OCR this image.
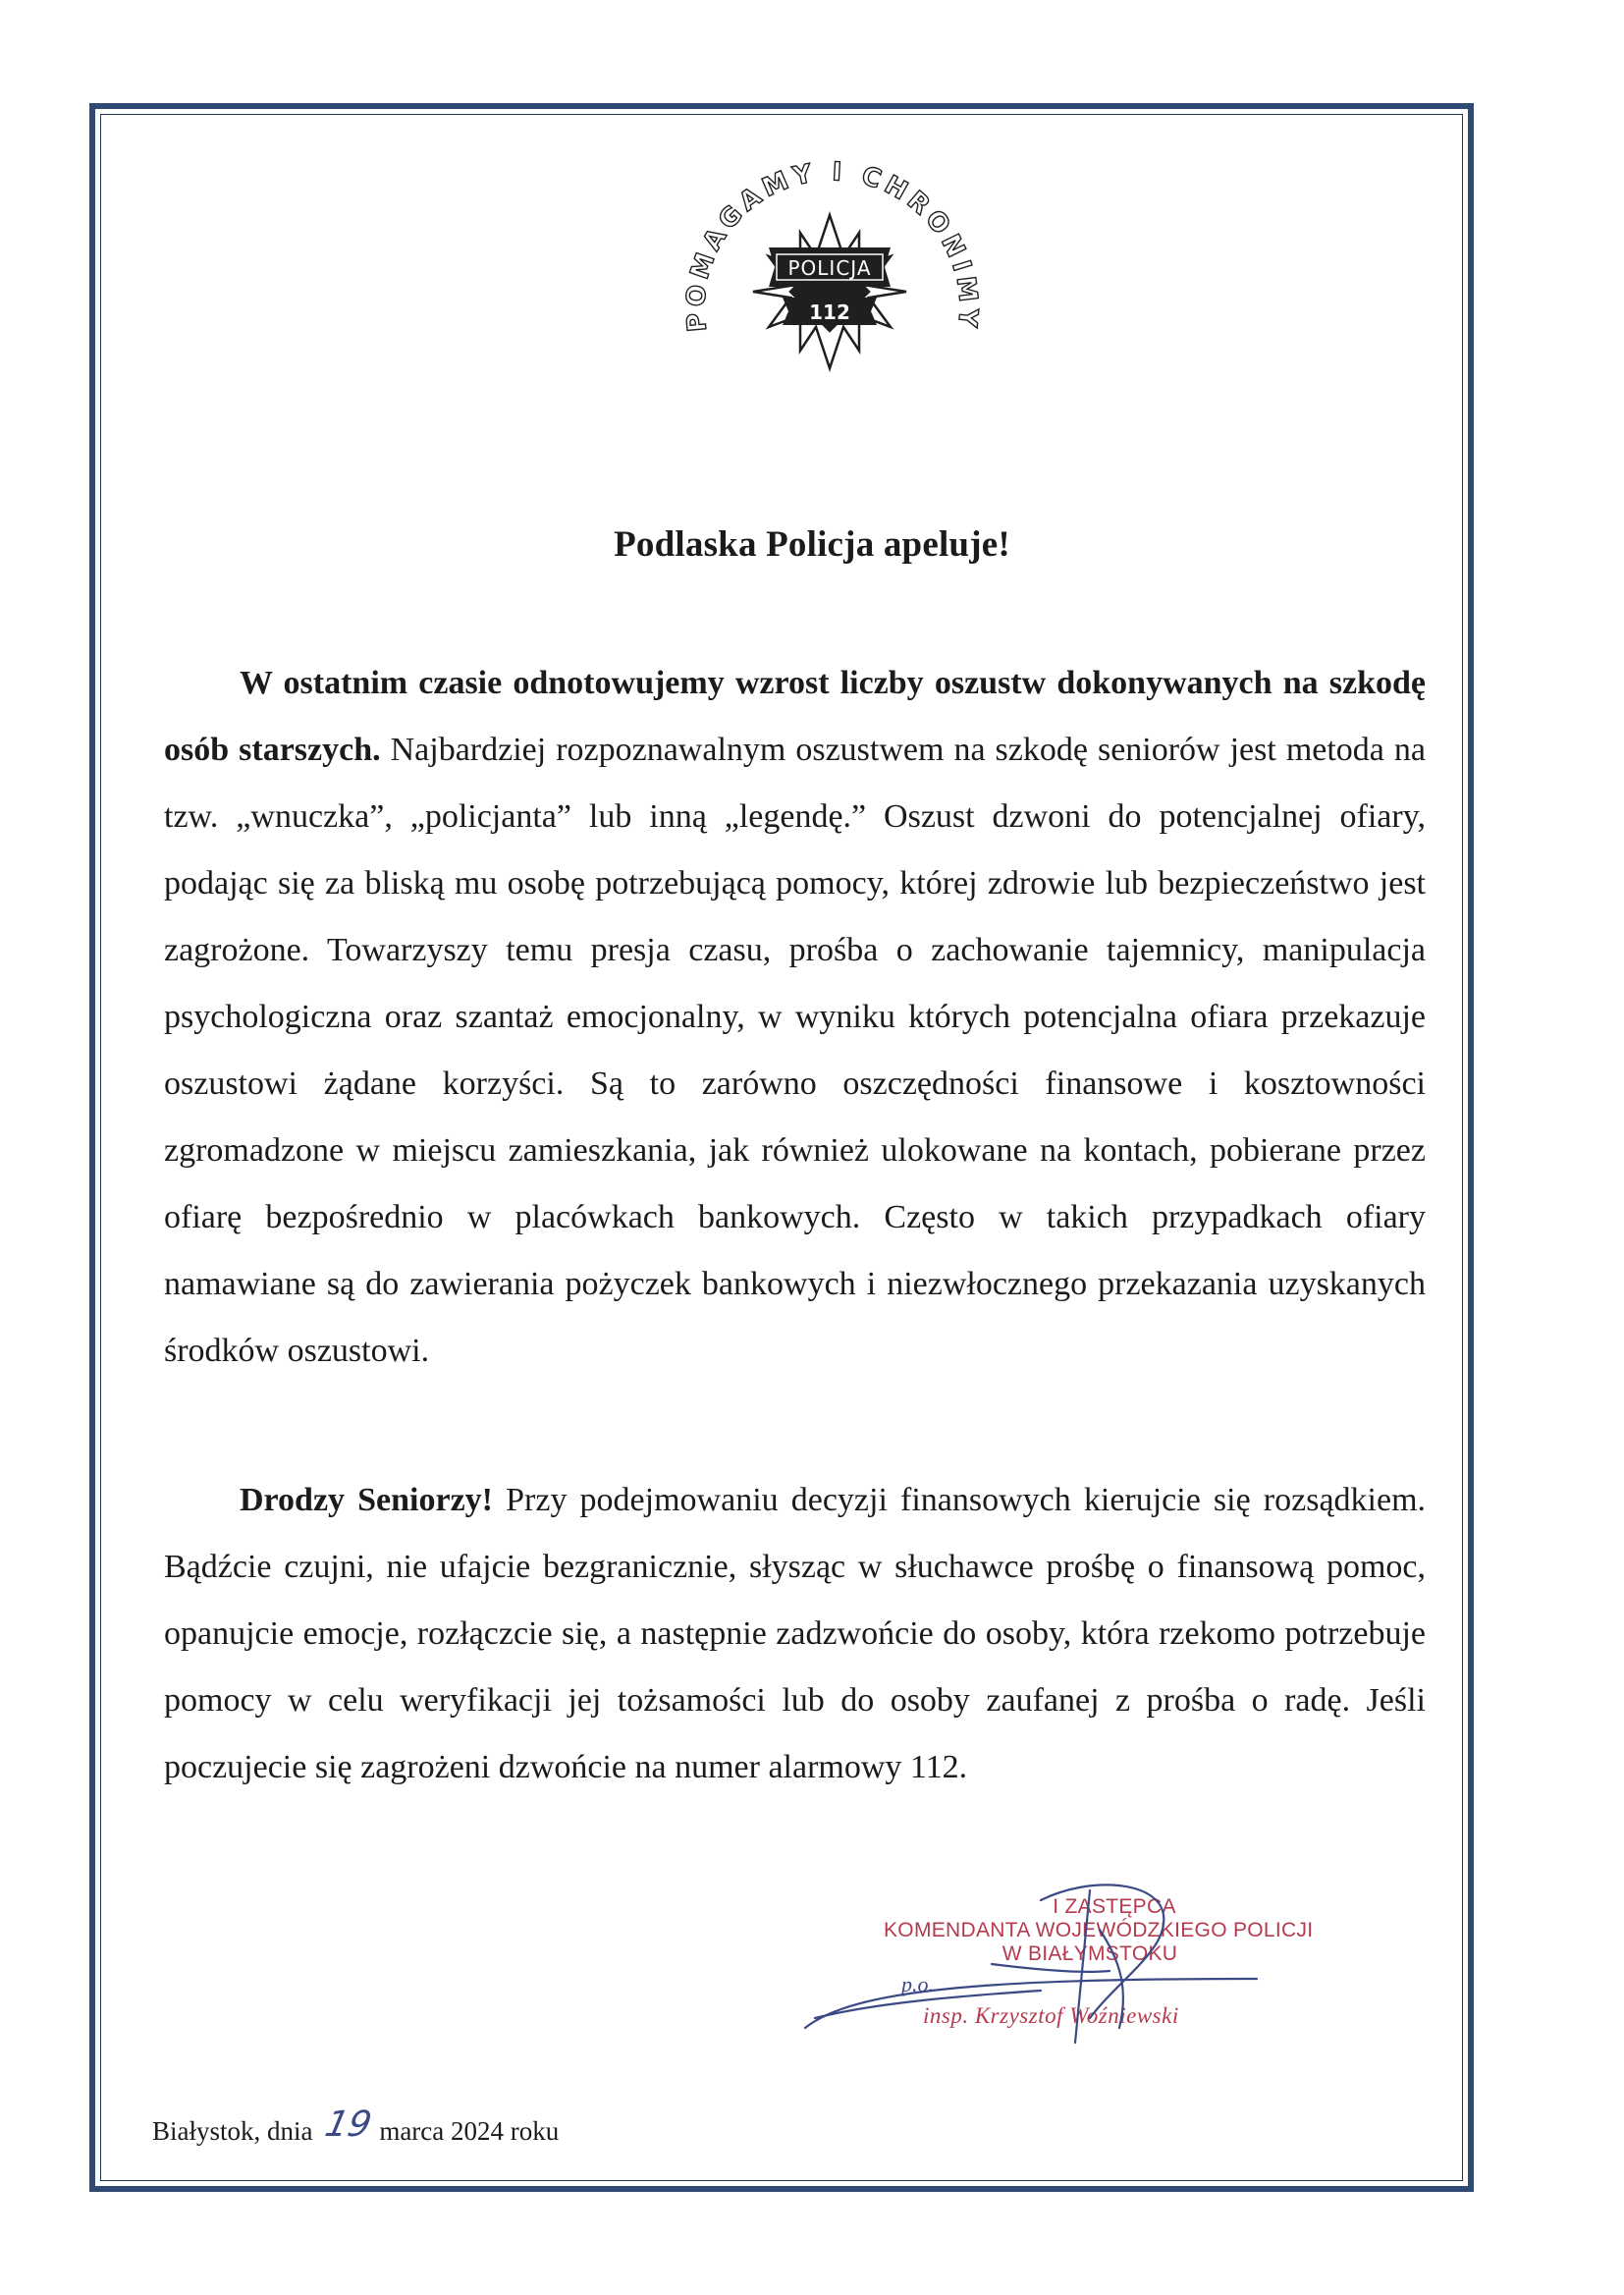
POMAGAMY I CHRONIMY
POLICJA
112
Podlaska Policja apeluje!

W ostatnim czasie odnotowujemy wzrost liczby oszustw dokonywanych na szkodę osób starszych. Najbardziej rozpoznawalnym oszustwem na szkodę seniorów jest metoda na tzw. „wnuczka”, „policjanta” lub inną „legendę.” Oszust dzwoni do potencjalnej ofiary, podając się za bliską mu osobę potrzebującą pomocy, której zdrowie lub bezpieczeństwo jest zagrożone. Towarzyszy temu presja czasu, prośba o zachowanie tajemnicy, manipulacja psychologiczna oraz szantaż emocjonalny, w wyniku których potencjalna ofiara przekazuje oszustowi żądane korzyści. Są to zarówno oszczędności finansowe i kosztowności zgromadzone w miejscu zamieszkania, jak również ulokowane na kontach, pobierane przez ofiarę bezpośrednio w placówkach bankowych. Często w takich przypadkach ofiary namawiane są do zawierania pożyczek bankowych i niezwłocznego przekazania uzyskanych środków oszustowi.

Drodzy Seniorzy! Przy podejmowaniu decyzji finansowych kierujcie się rozsądkiem. Bądźcie czujni, nie ufajcie bezgranicznie, słysząc w słuchawce prośbę o finansową pomoc, opanujcie emocje, rozłączcie się, a następnie zadzwońcie do osoby, która rzekomo potrzebuje pomocy w celu weryfikacji jej tożsamości lub do osoby zaufanej z prośba o radę. Jeśli poczujecie się zagrożeni dzwońcie na numer alarmowy 112.

I ZASTĘPCA
KOMENDANTA WOJEWÓDZKIEGO POLICJI
W BIAŁYMSTOKU
p.o.
insp. Krzysztof Woźniewski
Białystok, dnia 19 marca 2024 roku
